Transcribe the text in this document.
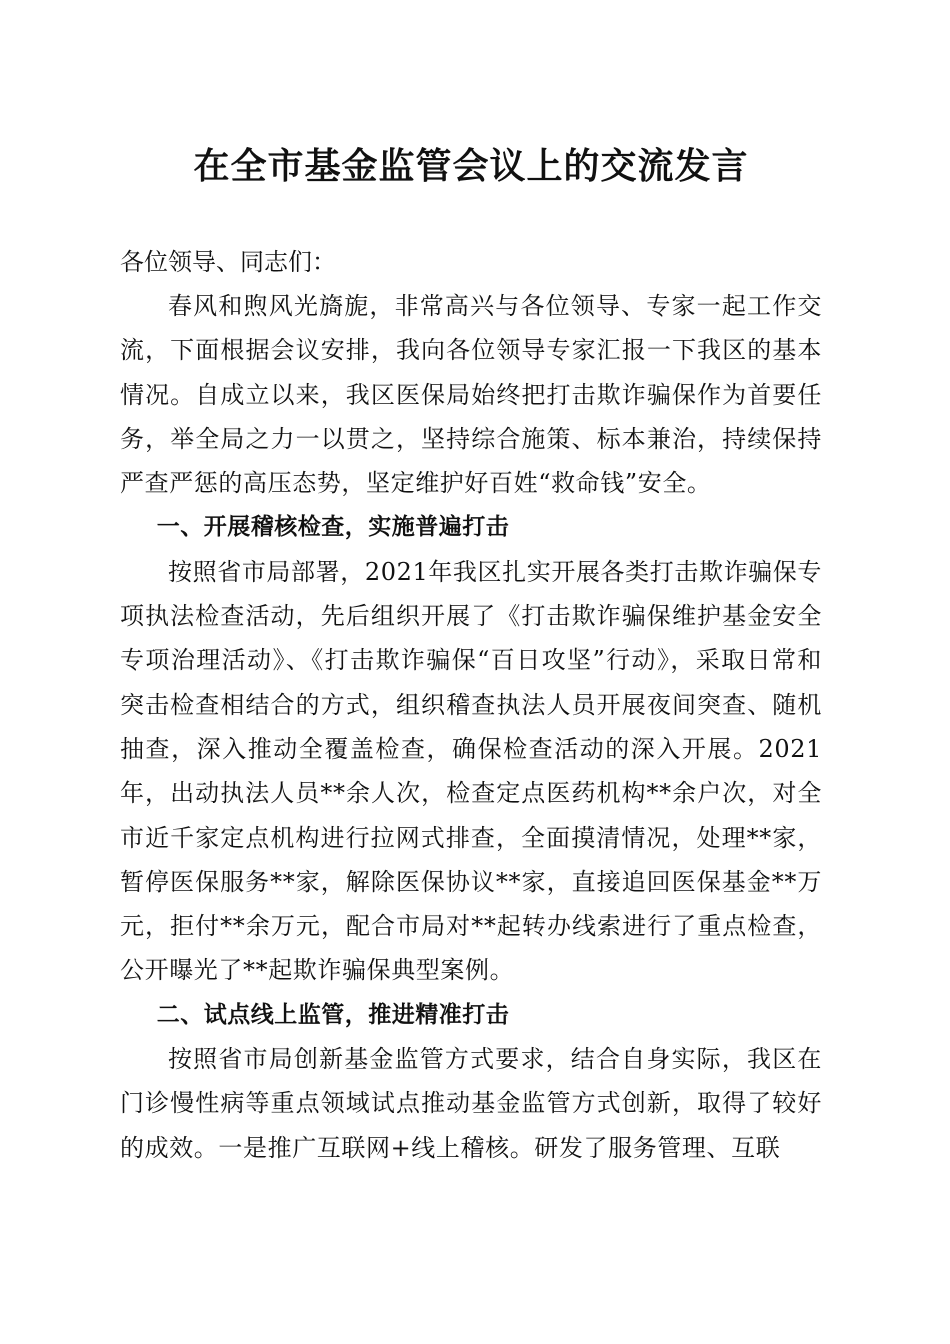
在全市基金监管会议上的交流发言

各位领导、同志们：

春风和煦风光旖旎，非常高兴与各位领导、专家一起工作交流，下面根据会议安排，我向各位领导专家汇报一下我区的基本情况。自成立以来，我区医保局始终把打击欺诈骗保作为首要任务，举全局之力一以贯之，坚持综合施策、标本兼治，持续保持严查严惩的高压态势，坚定维护好百姓“救命钱”安全。

一、开展稽核检查，实施普遍打击

按照省市局部署，2021年我区扎实开展各类打击欺诈骗保专项执法检查活动，先后组织开展了《打击欺诈骗保维护基金安全专项治理活动》、《打击欺诈骗保“百日攻坚”行动》，采取日常和突击检查相结合的方式，组织稽查执法人员开展夜间突查、随机抽查，深入推动全覆盖检查，确保检查活动的深入开展。2021年，出动执法人员**余人次，检查定点医药机构**余户次，对全市近千家定点机构进行拉网式排查，全面摸清情况，处理**家，暂停医保服务**家，解除医保协议**家，直接追回医保基金**万元，拒付**余万元，配合市局对**起转办线索进行了重点检查，公开曝光了**起欺诈骗保典型案例。

二、试点线上监管，推进精准打击

按照省市局创新基金监管方式要求，结合自身实际，我区在门诊慢性病等重点领域试点推动基金监管方式创新，取得了较好的成效。一是推广互联网+线上稽核。研发了服务管理、互联
